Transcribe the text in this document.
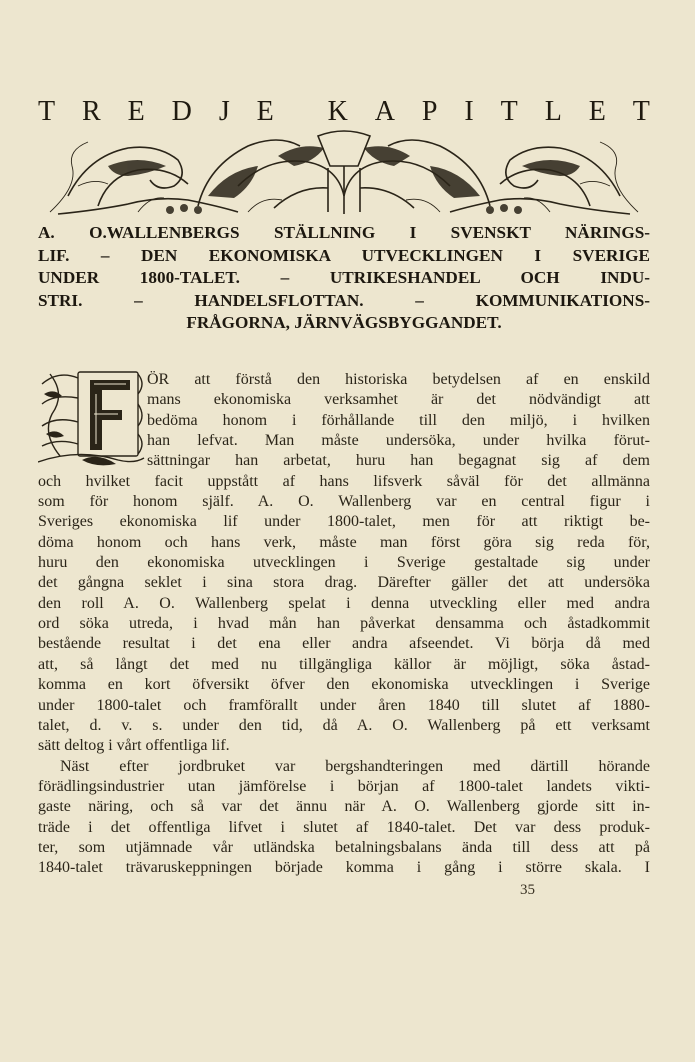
T R E D J E K A P I T L E T
A. O.WALLENBERGS STÄLLNING I SVENSKT NÄRINGS-
LIF. – DEN EKONOMISKA UTVECKLINGEN I SVERIGE
UNDER 1800-TALET. – UTRIKESHANDEL OCH INDU-
STRI. – HANDELSFLOTTAN. – KOMMUNIKATIONS-
FRÅGORNA, JÄRNVÄGSBYGGANDET.
ÖR att förstå den historiska betydelsen af en enskild
mans ekonomiska verksamhet är det nödvändigt att
bedöma honom i förhållande till den miljö, i hvilken
han lefvat. Man måste undersöka, under hvilka förut-
sättningar han arbetat, huru han begagnat sig af dem
och hvilket facit uppstått af hans lifsverk såväl för det allmänna
som för honom själf. A. O. Wallenberg var en central figur i
Sveriges ekonomiska lif under 1800-talet, men för att riktigt be-
döma honom och hans verk, måste man först göra sig reda för,
huru den ekonomiska utvecklingen i Sverige gestaltade sig under
det gångna seklet i sina stora drag. Därefter gäller det att undersöka
den roll A. O. Wallenberg spelat i denna utveckling eller med andra
ord söka utreda, i hvad mån han påverkat densamma och åstadkommit
bestående resultat i det ena eller andra afseendet. Vi börja då med
att, så långt det med nu tillgängliga källor är möjligt, söka åstad-
komma en kort öfversikt öfver den ekonomiska utvecklingen i Sverige
under 1800-talet och framförallt under åren 1840 till slutet af 1880-
talet, d. v. s. under den tid, då A. O. Wallenberg på ett verksamt
sätt deltog i vårt offentliga lif.
Näst efter jordbruket var bergshandteringen med därtill hörande
förädlingsindustrier utan jämförelse i början af 1800-talet landets vikti-
gaste näring, och så var det ännu när A. O. Wallenberg gjorde sitt in-
träde i det offentliga lifvet i slutet af 1840-talet. Det var dess produk-
ter, som utjämnade vår utländska betalningsbalans ända till dess att på
1840-talet trävaruskeppningen började komma i gång i större skala. I
35
